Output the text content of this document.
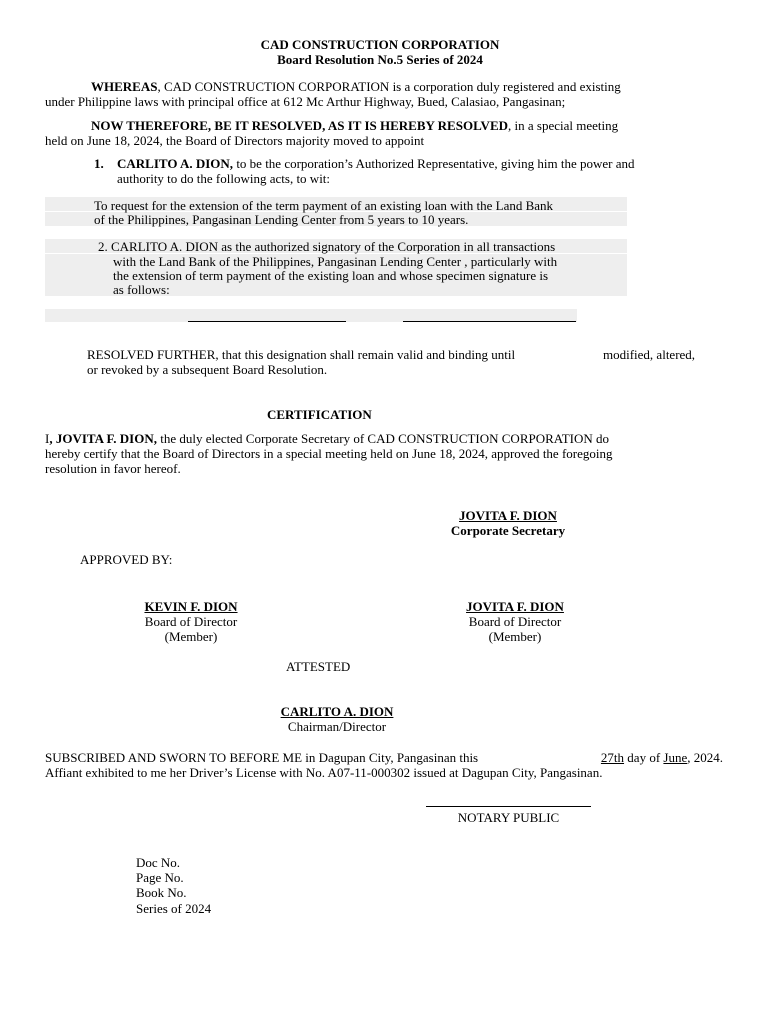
CAD CONSTRUCTION CORPORATION
Board Resolution No.5 Series of 2024
WHEREAS, CAD CONSTRUCTION CORPORATION is a corporation duly registered and existing
under Philippine laws with principal office at 612 Mc Arthur Highway, Bued, Calasiao, Pangasinan;
NOW THEREFORE, BE IT RESOLVED, AS IT IS HEREBY RESOLVED, in a special meeting
held on June 18, 2024, the Board of Directors majority moved to appoint
1. CARLITO A. DION, to be the corporation’s Authorized Representative, giving him the power and
authority to do the following acts, to wit:
To request for the extension of the term payment of an existing loan with the Land Bank
of the Philippines, Pangasinan Lending Center from 5 years to 10 years.
2. CARLITO A. DION as the authorized signatory of the Corporation in all transactions
with the Land Bank of the Philippines, Pangasinan Lending Center , particularly with
the extension of term payment of the existing loan and whose specimen signature is
as follows:
RESOLVED FURTHER, that this designation shall remain valid and binding until	modified, altered,
or revoked by a subsequent Board Resolution.
CERTIFICATION
I, JOVITA F. DION, the duly elected Corporate Secretary of CAD CONSTRUCTION CORPORATION do
hereby certify that the Board of Directors in a special meeting held on June 18, 2024, approved the foregoing
resolution in favor hereof.
JOVITA F. DION
Corporate Secretary
APPROVED BY:
KEVIN F. DION
Board of Director
(Member)
JOVITA F. DION
Board of Director
(Member)
ATTESTED
CARLITO A. DION
Chairman/Director
SUBSCRIBED AND SWORN TO BEFORE ME in Dagupan City, Pangasinan this	27th day of June, 2024.
Affiant exhibited to me her Driver’s License with No. A07-11-000302 issued at Dagupan City, Pangasinan.
NOTARY PUBLIC
Doc No.
Page No.
Book No.
Series of 2024
